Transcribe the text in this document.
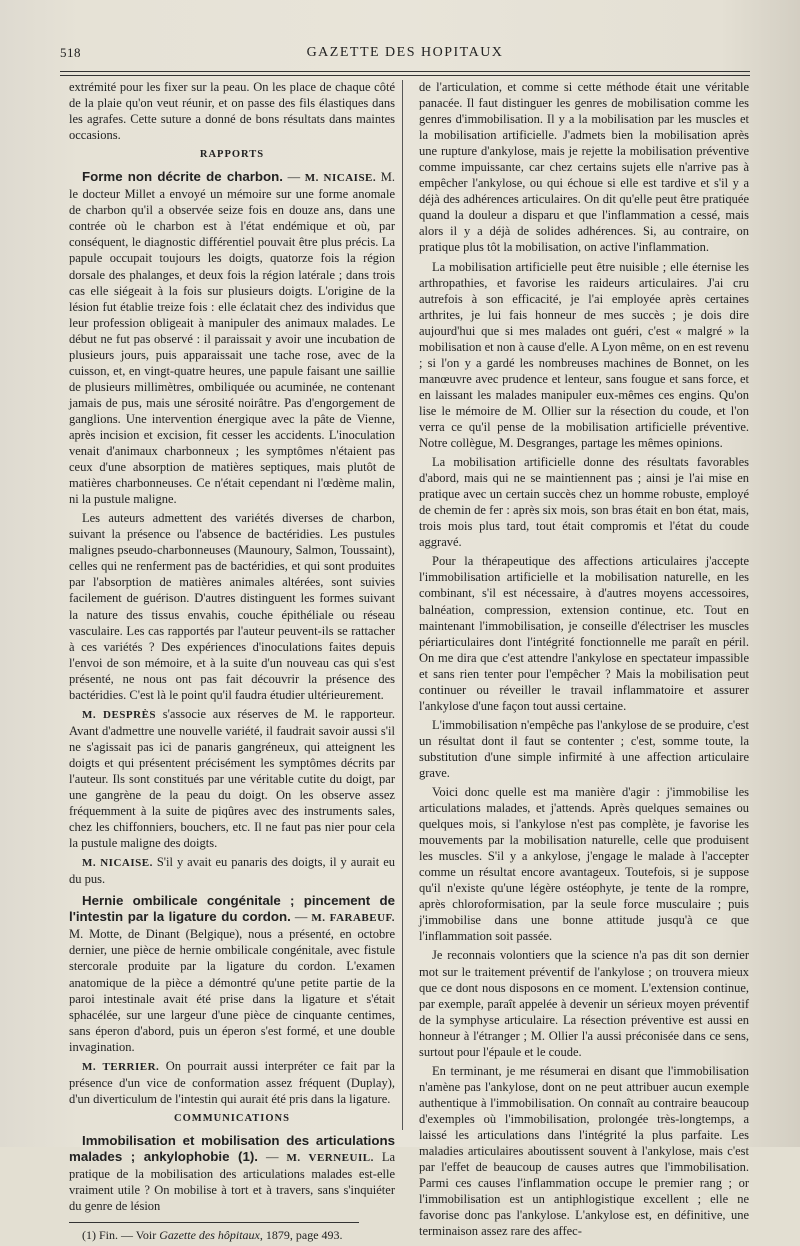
518	GAZETTE DES HOPITAUX

extrémité pour les fixer sur la peau. On les place de chaque côté de la plaie qu'on veut réunir, et on passe des fils élastiques dans les agrafes. Cette suture a donné de bons résultats dans maintes occasions.

RAPPORTS

Forme non décrite de charbon. — M. NICAISE. M. le docteur Millet a envoyé un mémoire sur une forme anomale de charbon qu'il a observée seize fois en douze ans, dans une contrée où le charbon est à l'état endémique et où, par conséquent, le diagnostic différentiel pouvait être plus précis. La papule occupait toujours les doigts, quatorze fois la région dorsale des phalanges, et deux fois la région latérale ; dans trois cas elle siégeait à la fois sur plusieurs doigts. L'origine de la lésion fut établie treize fois : elle éclatait chez des individus que leur profession obligeait à manipuler des animaux malades. Le début ne fut pas observé : il paraissait y avoir une incubation de plusieurs jours, puis apparaissait une tache rose, avec de la cuisson, et, en vingt-quatre heures, une papule faisant une saillie de plusieurs millimètres, ombiliquée ou acuminée, ne contenant jamais de pus, mais une sérosité noirâtre. Pas d'engorgement de ganglions. Une intervention énergique avec la pâte de Vienne, après incision et excision, fit cesser les accidents. L'inoculation venait d'animaux charbonneux ; les symptômes n'étaient pas ceux d'une absorption de matières septiques, mais plutôt de matières charbonneuses. Ce n'était cependant ni l'œdème malin, ni la pustule maligne.

Les auteurs admettent des variétés diverses de charbon, suivant la présence ou l'absence de bactéridies. Les pustules malignes pseudo-charbonneuses (Maunoury, Salmon, Toussaint), celles qui ne renferment pas de bactéridies, et qui sont produites par l'absorption de matières animales altérées, sont suivies facilement de guérison. D'autres distinguent les formes suivant la nature des tissus envahis, couche épithéliale ou réseau vasculaire. Les cas rapportés par l'auteur peuvent-ils se rattacher à ces variétés ? Des expériences d'inoculations faites depuis l'envoi de son mémoire, et à la suite d'un nouveau cas qui s'est présenté, ne nous ont pas fait découvrir la présence des bactéridies. C'est là le point qu'il faudra étudier ultérieurement.

M. DESPRÈS s'associe aux réserves de M. le rapporteur. Avant d'admettre une nouvelle variété, il faudrait savoir aussi s'il ne s'agissait pas ici de panaris gangréneux, qui atteignent les doigts et qui présentent précisément les symptômes décrits par l'auteur. Ils sont constitués par une véritable cutite du doigt, par une gangrène de la peau du doigt. On les observe assez fréquemment à la suite de piqûres avec des instruments sales, chez les chiffonniers, bouchers, etc. Il ne faut pas nier pour cela la pustule maligne des doigts.

M. NICAISE. S'il y avait eu panaris des doigts, il y aurait eu du pus.

Hernie ombilicale congénitale ; pincement de l'intestin par la ligature du cordon. — M. FARABEUF. M. Motte, de Dinant (Belgique), nous a présenté, en octobre dernier, une pièce de hernie ombilicale congénitale, avec fistule stercorale produite par la ligature du cordon. L'examen anatomique de la pièce a démontré qu'une petite partie de la paroi intestinale avait été prise dans la ligature et s'était sphacélée, sur une largeur d'une pièce de cinquante centimes, sans éperon d'abord, puis un éperon s'est formé, et une double invagination.

M. TERRIER. On pourrait aussi interpréter ce fait par la présence d'un vice de conformation assez fréquent (Duplay), d'un diverticulum de l'intestin qui aurait été pris dans la ligature.

COMMUNICATIONS

Immobilisation et mobilisation des articulations malades ; ankylophobie (1). — M. VERNEUIL. La pratique de la mobilisation des articulations malades est-elle vraiment utile ? On mobilise à tort et à travers, sans s'inquiéter du genre de lésion

(1) Fin. — Voir Gazette des hôpitaux, 1879, page 493.

de l'articulation, et comme si cette méthode était une véritable panacée. Il faut distinguer les genres de mobilisation comme les genres d'immobilisation. Il y a la mobilisation par les muscles et la mobilisation artificielle. J'admets bien la mobilisation après une rupture d'ankylose, mais je rejette la mobilisation préventive comme impuissante, car chez certains sujets elle n'arrive pas à empêcher l'ankylose, ou qui échoue si elle est tardive et s'il y a déjà des adhérences articulaires. On dit qu'elle peut être pratiquée quand la douleur a disparu et que l'inflammation a cessé, mais alors il y a déjà de solides adhérences. Si, au contraire, on pratique plus tôt la mobilisation, on active l'inflammation.

La mobilisation artificielle peut être nuisible ; elle éternise les arthropathies, et favorise les raideurs articulaires. J'ai cru autrefois à son efficacité, je l'ai employée après certaines arthrites, je lui fais honneur de mes succès ; je dois dire aujourd'hui que si mes malades ont guéri, c'est « malgré » la mobilisation et non à cause d'elle. A Lyon même, on en est revenu ; si l'on y a gardé les nombreuses machines de Bonnet, on les manœuvre avec prudence et lenteur, sans fougue et sans force, et en laissant les malades manipuler eux-mêmes ces engins. Qu'on lise le mémoire de M. Ollier sur la résection du coude, et l'on verra ce qu'il pense de la mobilisation artificielle préventive. Notre collègue, M. Desgranges, partage les mêmes opinions.

La mobilisation artificielle donne des résultats favorables d'abord, mais qui ne se maintiennent pas ; ainsi je l'ai mise en pratique avec un certain succès chez un homme robuste, employé de chemin de fer : après six mois, son bras était en bon état, mais, trois mois plus tard, tout était compromis et l'état du coude aggravé.

Pour la thérapeutique des affections articulaires j'accepte l'immobilisation artificielle et la mobilisation naturelle, en les combinant, s'il est nécessaire, à d'autres moyens accessoires, balnéation, compression, extension continue, etc. Tout en maintenant l'immobilisation, je conseille d'électriser les muscles périarticulaires dont l'intégrité fonctionnelle me paraît en péril. On me dira que c'est attendre l'ankylose en spectateur impassible et sans rien tenter pour l'empêcher ? Mais la mobilisation peut continuer ou réveiller le travail inflammatoire et assurer l'ankylose d'une façon tout aussi certaine.

L'immobilisation n'empêche pas l'ankylose de se produire, c'est un résultat dont il faut se contenter ; c'est, somme toute, la substitution d'une simple infirmité à une affection articulaire grave.

Voici donc quelle est ma manière d'agir : j'immobilise les articulations malades, et j'attends. Après quelques semaines ou quelques mois, si l'ankylose n'est pas complète, je favorise les mouvements par la mobilisation naturelle, celle que produisent les muscles. S'il y a ankylose, j'engage le malade à l'accepter comme un résultat encore avantageux. Toutefois, si je suppose qu'il n'existe qu'une légère ostéophyte, je tente de la rompre, après chloroformisation, par la seule force musculaire ; puis j'immobilise dans une bonne attitude jusqu'à ce que l'inflammation soit passée.

Je reconnais volontiers que la science n'a pas dit son dernier mot sur le traitement préventif de l'ankylose ; on trouvera mieux que ce dont nous disposons en ce moment. L'extension continue, par exemple, paraît appelée à devenir un sérieux moyen préventif de la symphyse articulaire. La résection préventive est aussi en honneur à l'étranger ; M. Ollier l'a aussi préconisée dans ce sens, surtout pour l'épaule et le coude.

En terminant, je me résumerai en disant que l'immobilisation n'amène pas l'ankylose, dont on ne peut attribuer aucun exemple authentique à l'immobilisation. On connaît au contraire beaucoup d'exemples où l'immobilisation, prolongée très-longtemps, a laissé les articulations dans l'intégrité la plus parfaite. Les maladies articulaires aboutissent souvent à l'ankylose, mais c'est par l'effet de beaucoup de causes autres que l'immobilisation. Parmi ces causes l'inflammation occupe le premier rang ; or l'immobilisation est un antiphlogistique excellent ; elle ne favorise donc pas l'ankylose. L'ankylose est, en définitive, une terminaison assez rare des affec-
